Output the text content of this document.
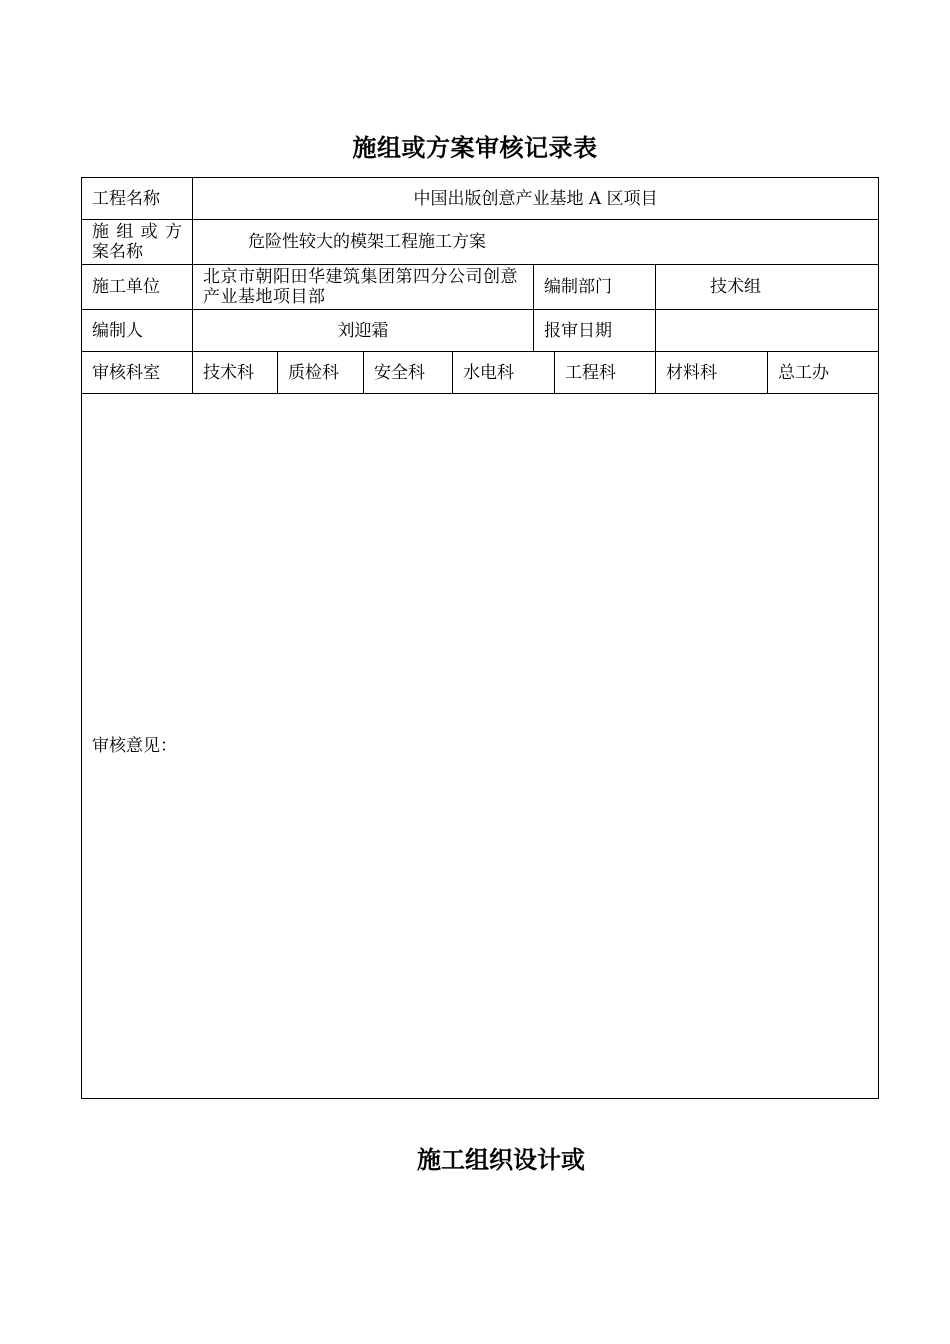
施组或方案审核记录表
工程名称	中国出版创意产业基地 A 区项目							

施 组 或 方 案名称	危险性较大的模架工程施工方案							
施工单位	北京市朝阳田华建筑集团第四分公司创意产业基地项目部				编制部门		技术组	
编制人	刘迎霜				报审日期			
审核科室	技术科	质检科	安全科	水电科		工程科	材料科	总工办
审核意见：								
施工组织设计或
